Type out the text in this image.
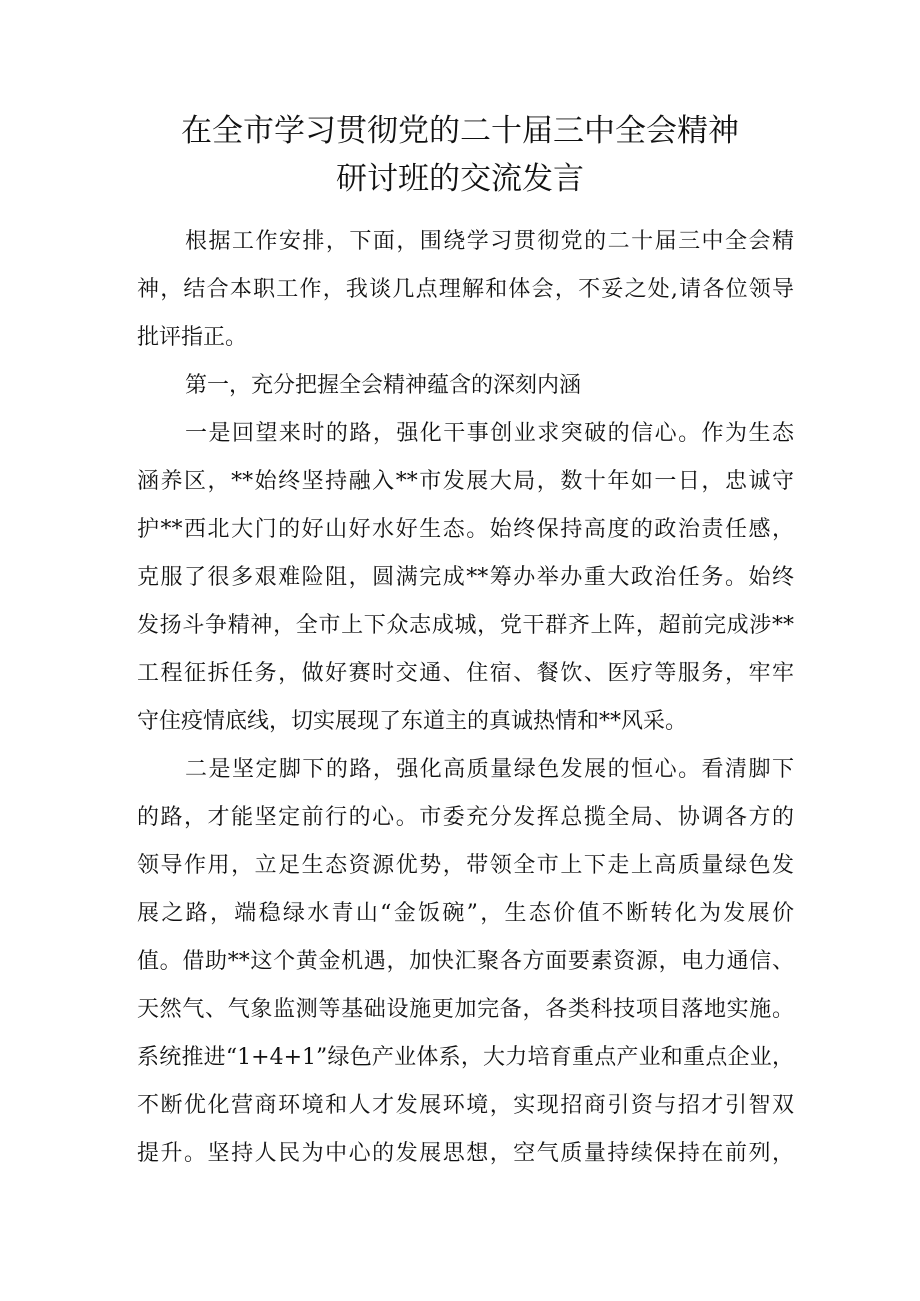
在全市学习贯彻党的二十届三中全会精神
研讨班的交流发言
根据工作安排，下面，围绕学习贯彻党的二十届三中全会精
神，结合本职工作，我谈几点理解和体会，不妥之处,请各位领导
批评指正。
第一，充分把握全会精神蕴含的深刻内涵
一是回望来时的路，强化干事创业求突破的信心。作为生态
涵养区，**始终坚持融入**市发展大局，数十年如一日，忠诚守
护**西北大门的好山好水好生态。始终保持高度的政治责任感，
克服了很多艰难险阻，圆满完成**筹办举办重大政治任务。始终
发扬斗争精神，全市上下众志成城，党干群齐上阵，超前完成涉**
工程征拆任务，做好赛时交通、住宿、餐饮、医疗等服务，牢牢
守住疫情底线，切实展现了东道主的真诚热情和**风采。
二是坚定脚下的路，强化高质量绿色发展的恒心。看清脚下
的路，才能坚定前行的心。市委充分发挥总揽全局、协调各方的
领导作用，立足生态资源优势，带领全市上下走上高质量绿色发
展之路，端稳绿水青山“金饭碗”，生态价值不断转化为发展价
值。借助**这个黄金机遇，加快汇聚各方面要素资源，电力通信、
天然气、气象监测等基础设施更加完备，各类科技项目落地实施。
系统推进“1+4+1”绿色产业体系，大力培育重点产业和重点企业，
不断优化营商环境和人才发展环境，实现招商引资与招才引智双
提升。坚持人民为中心的发展思想，空气质量持续保持在前列，
